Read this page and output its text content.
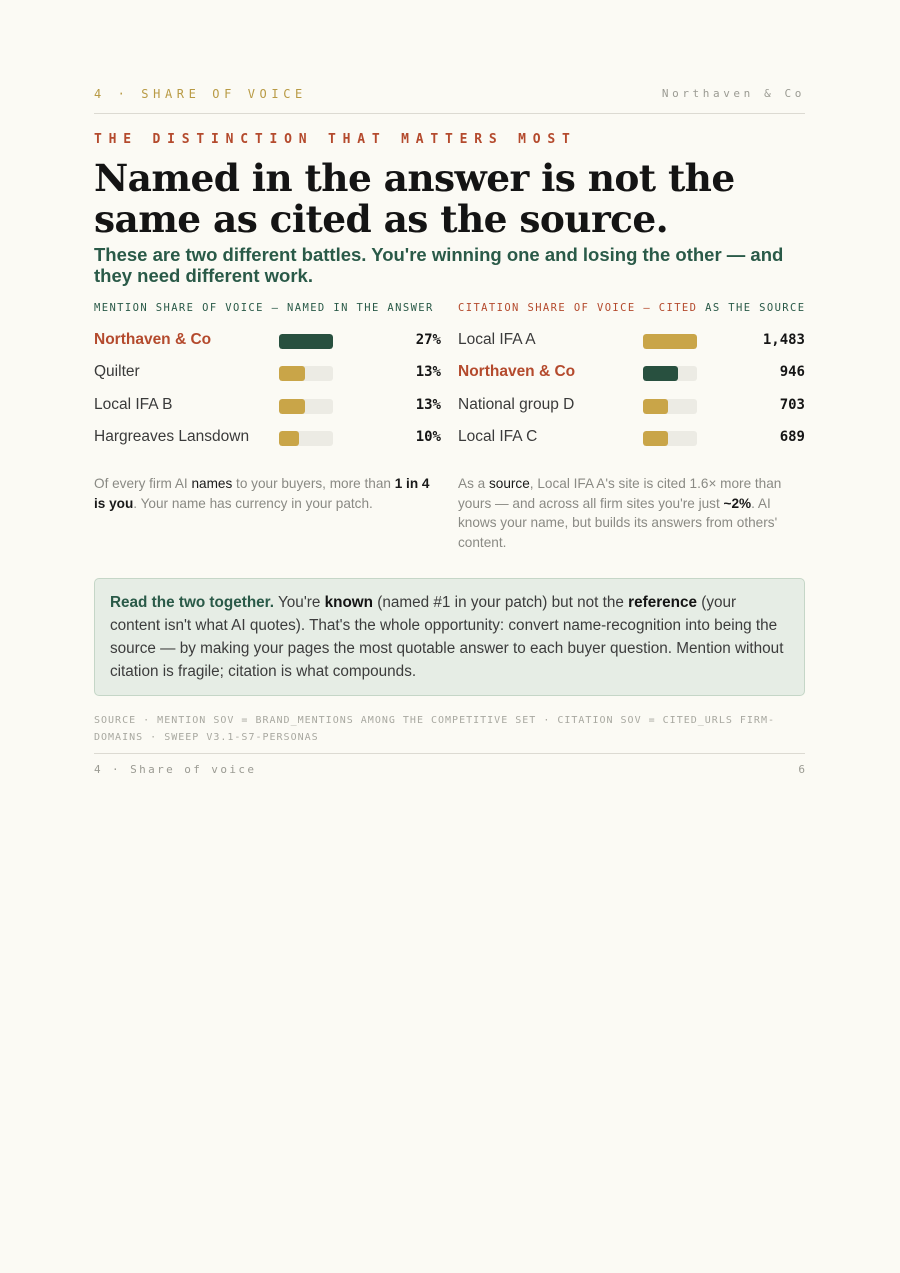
4 · SHARE OF VOICE	Northaven & Co
THE DISTINCTION THAT MATTERS MOST
Named in the answer is not the same as cited as the source.

These are two different battles. You're winning one and losing the other — and they need different work.

MENTION SHARE OF VOICE — NAMED IN THE ANSWER
Northaven & Co	27%
Quilter	13%
Local IFA B	13%
Hargreaves Lansdown	10%

Of every firm AI names to your buyers, more than 1 in 4 is you. Your name has currency in your patch.

CITATION SHARE OF VOICE — CITED AS THE SOURCE
Local IFA A	1,483
Northaven & Co	946
National group D	703
Local IFA C	689

As a source, Local IFA A's site is cited 1.6× more than yours — and across all firm sites you're just ~2%. AI knows your name, but builds its answers from others' content.

Read the two together. You're known (named #1 in your patch) but not the reference (your content isn't what AI quotes). That's the whole opportunity: convert name-recognition into being the source — by making your pages the most quotable answer to each buyer question. Mention without citation is fragile; citation is what compounds.
SOURCE · MENTION SOV = BRAND_MENTIONS AMONG THE COMPETITIVE SET · CITATION SOV = CITED_URLS FIRM-DOMAINS · SWEEP V3.1-S7-PERSONAS
4 · Share of voice	6
